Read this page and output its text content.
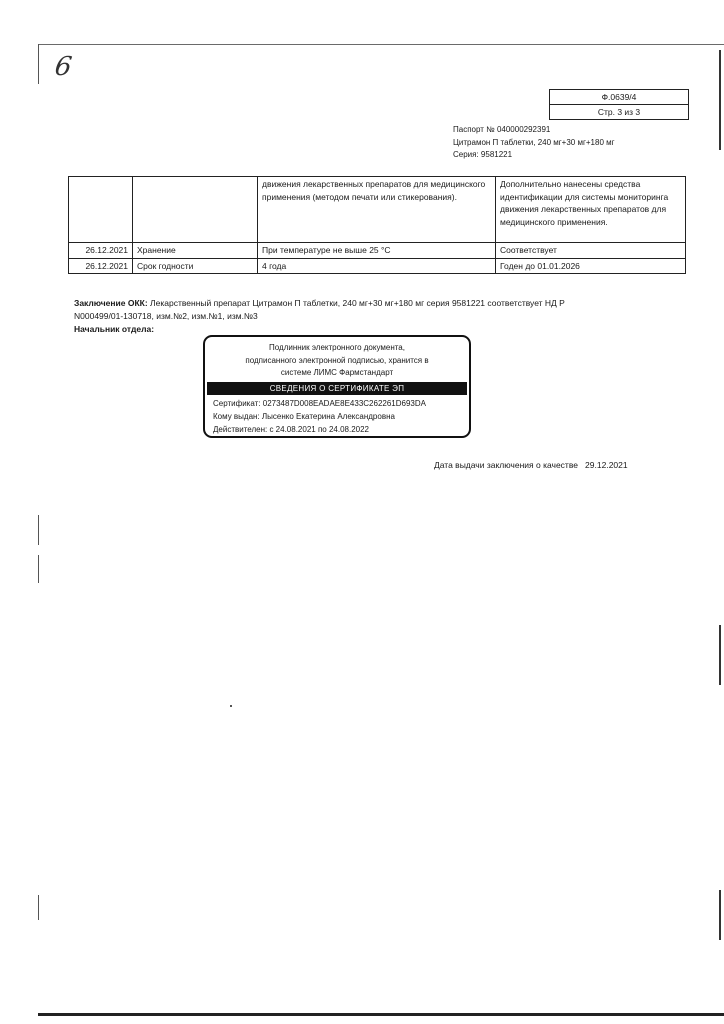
6
Ф.0639/4
Стр. 3 из 3
Паспорт № 040000292391
Цитрамон П таблетки, 240 мг+30 мг+180 мг
Серия: 9581221
		движения лекарственных препаратов для медицинского применения (методом печати или стикерования).	Дополнительно нанесены средства идентификации для системы мониторинга движения лекарственных препаратов для медицинского применения.
26.12.2021	Хранение	При температуре не выше 25 °С	Соответствует
26.12.2021	Срок годности	4 года	Годен до 01.01.2026
Заключение ОКК: Лекарственный препарат Цитрамон П таблетки, 240 мг+30 мг+180 мг серия 9581221 соответствует НД Р N000499/01-130718, изм.№2, изм.№1, изм.№3
Начальник отдела:
Подлинник электронного документа,
подписанного электронной подписью, хранится в
системе ЛИМС Фармстандарт
СВЕДЕНИЯ О СЕРТИФИКАТЕ ЭП
Сертификат: 0273487D008EADAE8E433C262261D693DA
Кому выдан: Лысенко Екатерина Александровна
Действителен: с 24.08.2021 по 24.08.2022
Дата выдачи заключения о качестве   29.12.2021
